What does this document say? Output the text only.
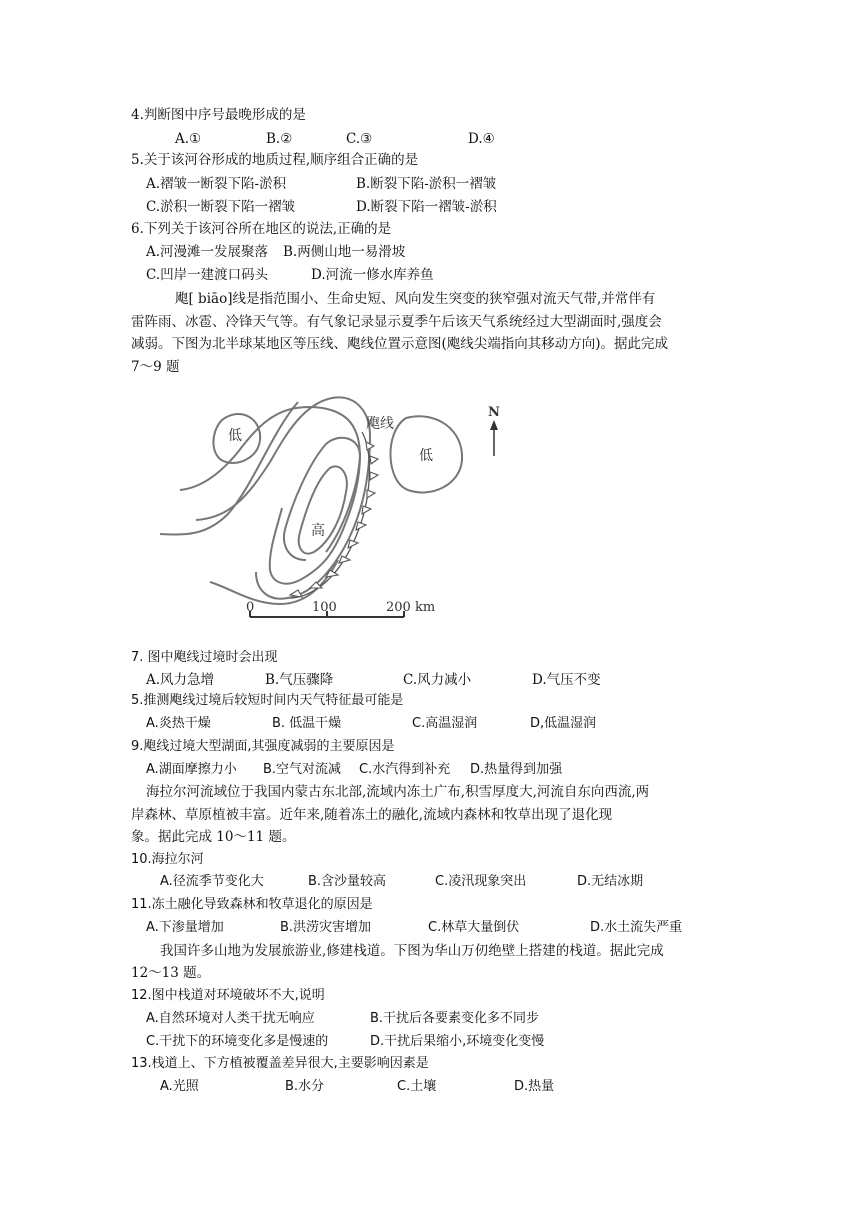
4.判断图中序号最晚形成的是
A.①	B.②	C.③	D.④
5.关于该河谷形成的地质过程,顺序组合正确的是
A.褶皱一断裂下陷-淤积	B.断裂下陷-淤积一褶皱
C.淤积一断裂下陷一褶皱	D.断裂下陷一褶皱-淤积
6.下列关于该河谷所在地区的说法,正确的是
A.河漫滩一发展聚落 B.两侧山地一易滑坡
C.凹岸一建渡口码头	D.河流一修水库养鱼
飑[ biāo]线是指范围小、生命史短、风向发生突变的狭窄强对流天气带,并常伴有
雷阵雨、冰雹、冷锋天气等。有气象记录显示夏季午后该天气系统经过大型湖面时,强度会
减弱。下图为北半球某地区等压线、飑线位置示意图(飑线尖端指向其移动方向)。据此完成
7～9 题
低
低
高
飑线
N
0	100	200 km
7. 图中飑线过境时会出现
A.风力急增	B.气压骤降	C.风力减小	D.气压不变
5.推测飑线过境后较短时间内天气特征最可能是
A.炎热干燥	B. 低温干燥	C.高温湿润	D,低温湿润
9.飑线过境大型湖面,其强度减弱的主要原因是
A.湖面摩擦力小 B.空气对流减 C.水汽得到补充 D.热量得到加强
海拉尔河流域位于我国内蒙古东北部,流域内冻土广布,积雪厚度大,河流自东向西流,两
岸森林、草原植被丰富。近年来,随着冻土的融化,流域内森林和牧草出现了退化现
象。据此完成 10～11 题。
10.海拉尔河
A.径流季节变化大	B.含沙量较高	C.凌汛现象突出	D.无结冰期
11.冻土融化导致森林和牧草退化的原因是
A.下渗量增加	B.洪涝灾害增加	C.林草大量倒伏	D.水土流失严重
我国许多山地为发展旅游业,修建栈道。下图为华山万仞绝壁上搭建的栈道。据此完成
12～13 题。
12.图中栈道对环境破坏不大,说明
A.自然环境对人类干扰无响应	B.干扰后各要素变化多不同步
C.干扰下的环境变化多是慢速的	D.干扰后果缩小,环境变化变慢
13.栈道上、下方植被覆盖差异很大,主要影响因素是
A.光照	B.水分	C.土壤	D.热量
